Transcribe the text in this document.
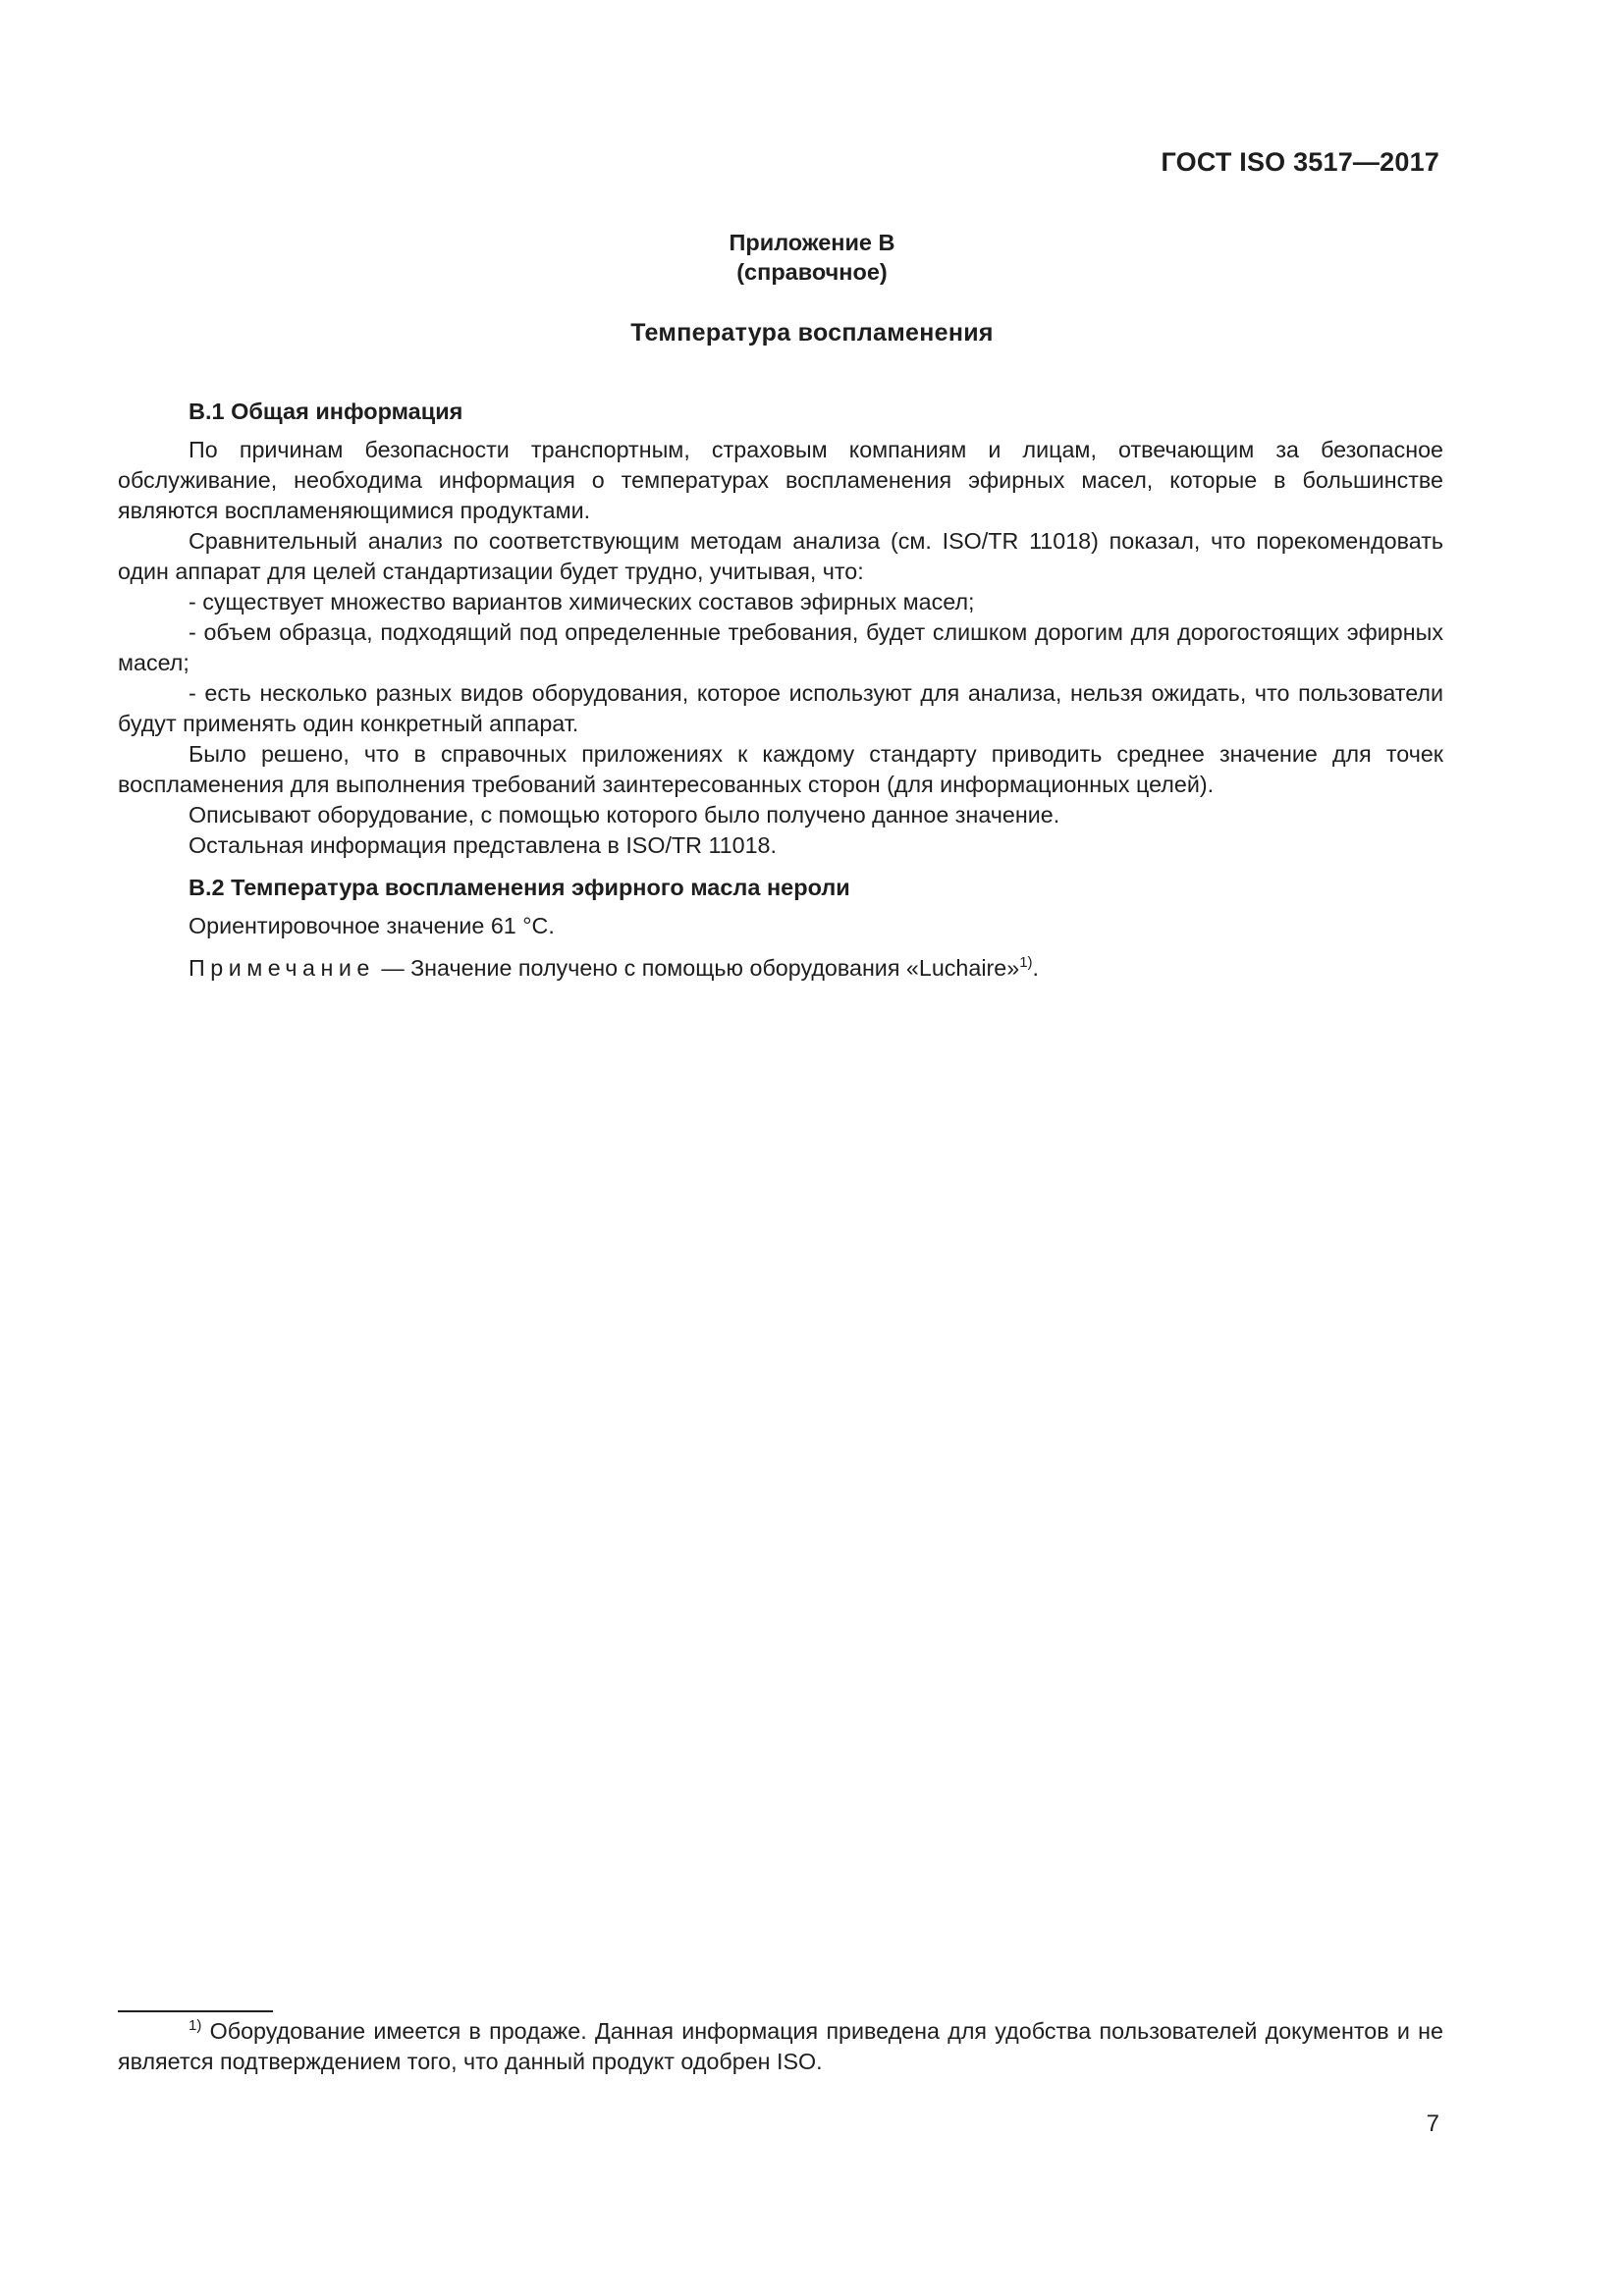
ГОСТ ISO 3517—2017
Приложение В
(справочное)
Температура воспламенения
В.1 Общая информация

По причинам безопасности транспортным, страховым компаниям и лицам, отвечающим за безопасное обслуживание, необходима информация о температурах воспламенения эфирных масел, которые в большинстве являются воспламеняющимися продуктами.

Сравнительный анализ по соответствующим методам анализа (см. ISO/TR 11018) показал, что порекомендовать один аппарат для целей стандартизации будет трудно, учитывая, что:

- существует множество вариантов химических составов эфирных масел;

- объем образца, подходящий под определенные требования, будет слишком дорогим для дорогостоящих эфирных масел;

- есть несколько разных видов оборудования, которое используют для анализа, нельзя ожидать, что пользователи будут применять один конкретный аппарат.

Было решено, что в справочных приложениях к каждому стандарту приводить среднее значение для точек воспламенения для выполнения требований заинтересованных сторон (для информационных целей).

Описывают оборудование, с помощью которого было получено данное значение.

Остальная информация представлена в ISO/TR 11018.

В.2 Температура воспламенения эфирного масла нероли

Ориентировочное значение 61 °C.

Примечание — Значение получено с помощью оборудования «Luchaire»$^{1)}$.

$^{1)}$ Оборудование имеется в продаже. Данная информация приведена для удобства пользователей документов и не является подтверждением того, что данный продукт одобрен ISO.
7
